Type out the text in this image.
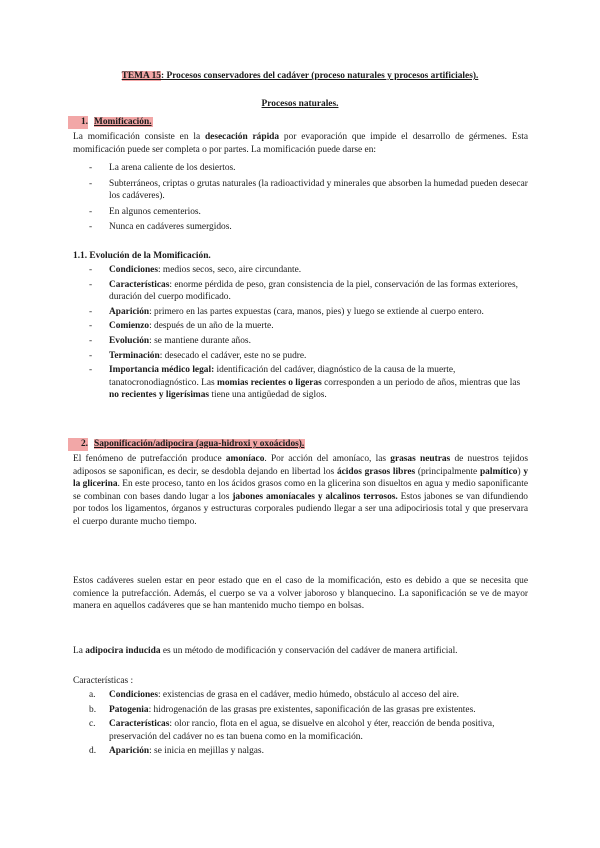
TEMA 15: Procesos conservadores del cadáver (proceso naturales y procesos artificiales).
Procesos naturales.
1. Momificación.
La momificación consiste en la desecación rápida por evaporación que impide el desarrollo de gérmenes. Esta momificación puede ser completa o por partes. La momificación puede darse en:
- La arena caliente de los desiertos.
- Subterráneos, criptas o grutas naturales (la radioactividad y minerales que absorben la humedad pueden desecar los cadáveres).
- En algunos cementerios.
- Nunca en cadáveres sumergidos.
1.1. Evolución de la Momificación.
- Condiciones: medios secos, seco, aire circundante.
- Características: enorme pérdida de peso, gran consistencia de la piel, conservación de las formas exteriores, duración del cuerpo modificado.
- Aparición: primero en las partes expuestas (cara, manos, pies) y luego se extiende al cuerpo entero.
- Comienzo: después de un año de la muerte.
- Evolución: se mantiene durante años.
- Terminación: desecado el cadáver, este no se pudre.
- Importancia médico legal: identificación del cadáver, diagnóstico de la causa de la muerte, tanatocronodiagnóstico. Las momias recientes o ligeras corresponden a un periodo de años, mientras que las no recientes y ligerísimas tiene una antigüedad de siglos.
2. Saponificación/adipocira (agua-hidroxi y oxoácidos).
El fenómeno de putrefacción produce amoníaco. Por acción del amoníaco, las grasas neutras de nuestros tejidos adiposos se saponifican, es decir, se desdobla dejando en libertad los ácidos grasos libres (principalmente palmítico) y la glicerina. En este proceso, tanto en los ácidos grasos como en la glicerina son disueltos en agua y medio saponificante se combinan con bases dando lugar a los jabones amoníacales y alcalinos terrosos. Estos jabones se van difundiendo por todos los ligamentos, órganos y estructuras corporales pudiendo llegar a ser una adipociriosis total y que preservara el cuerpo durante mucho tiempo.
Estos cadáveres suelen estar en peor estado que en el caso de la momificación, esto es debido a que se necesita que comience la putrefacción. Además, el cuerpo se va a volver jaboroso y blanquecino. La saponificación se ve de mayor manera en aquellos cadáveres que se han mantenido mucho tiempo en bolsas.
La adipocira inducida es un método de modificación y conservación del cadáver de manera artificial.
Características :
a. Condiciones: existencias de grasa en el cadáver, medio húmedo, obstáculo al acceso del aire.
b. Patogenia: hidrogenación de las grasas pre existentes, saponificación de las grasas pre existentes.
c. Características: olor rancio, flota en el agua, se disuelve en alcohol y éter, reacción de benda positiva, preservación del cadáver no es tan buena como en la momificación.
d. Aparición: se inicia en mejillas y nalgas.
